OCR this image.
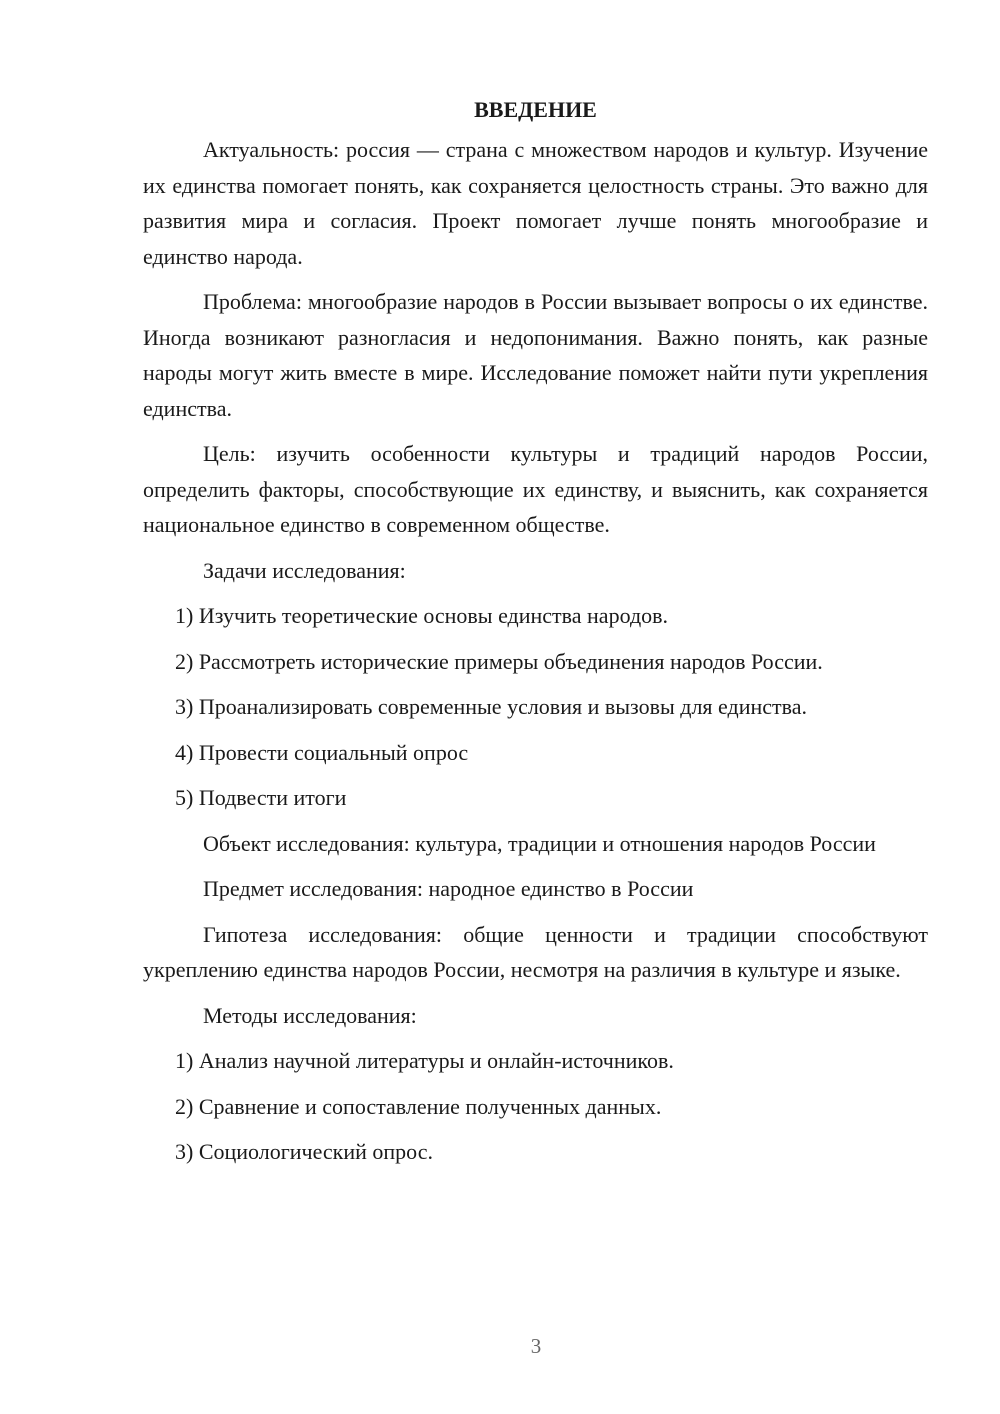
ВВЕДЕНИЕ

Актуальность: россия — страна с множеством народов и культур. Изучение их единства помогает понять, как сохраняется целостность страны. Это важно для развития мира и согласия. Проект помогает лучше понять многообразие и единство народа.

Проблема: многообразие народов в России вызывает вопросы о их единстве. Иногда возникают разногласия и недопонимания. Важно понять, как разные народы могут жить вместе в мире. Исследование поможет найти пути укрепления единства.

Цель: изучить особенности культуры и традиций народов России, определить факторы, способствующие их единству, и выяснить, как сохраняется национальное единство в современном обществе.

Задачи исследования:

1) Изучить теоретические основы единства народов.

2) Рассмотреть исторические примеры объединения народов России.

3) Проанализировать современные условия и вызовы для единства.

4) Провести социальный опрос

5) Подвести итоги

Объект исследования: культура, традиции и отношения народов России

Предмет исследования: народное единство в России

Гипотеза исследования: общие ценности и традиции способствуют укреплению единства народов России, несмотря на различия в культуре и языке.

Методы исследования:

1) Анализ научной литературы и онлайн-источников.

2) Сравнение и сопоставление полученных данных.

3) Социологический опрос.

3
